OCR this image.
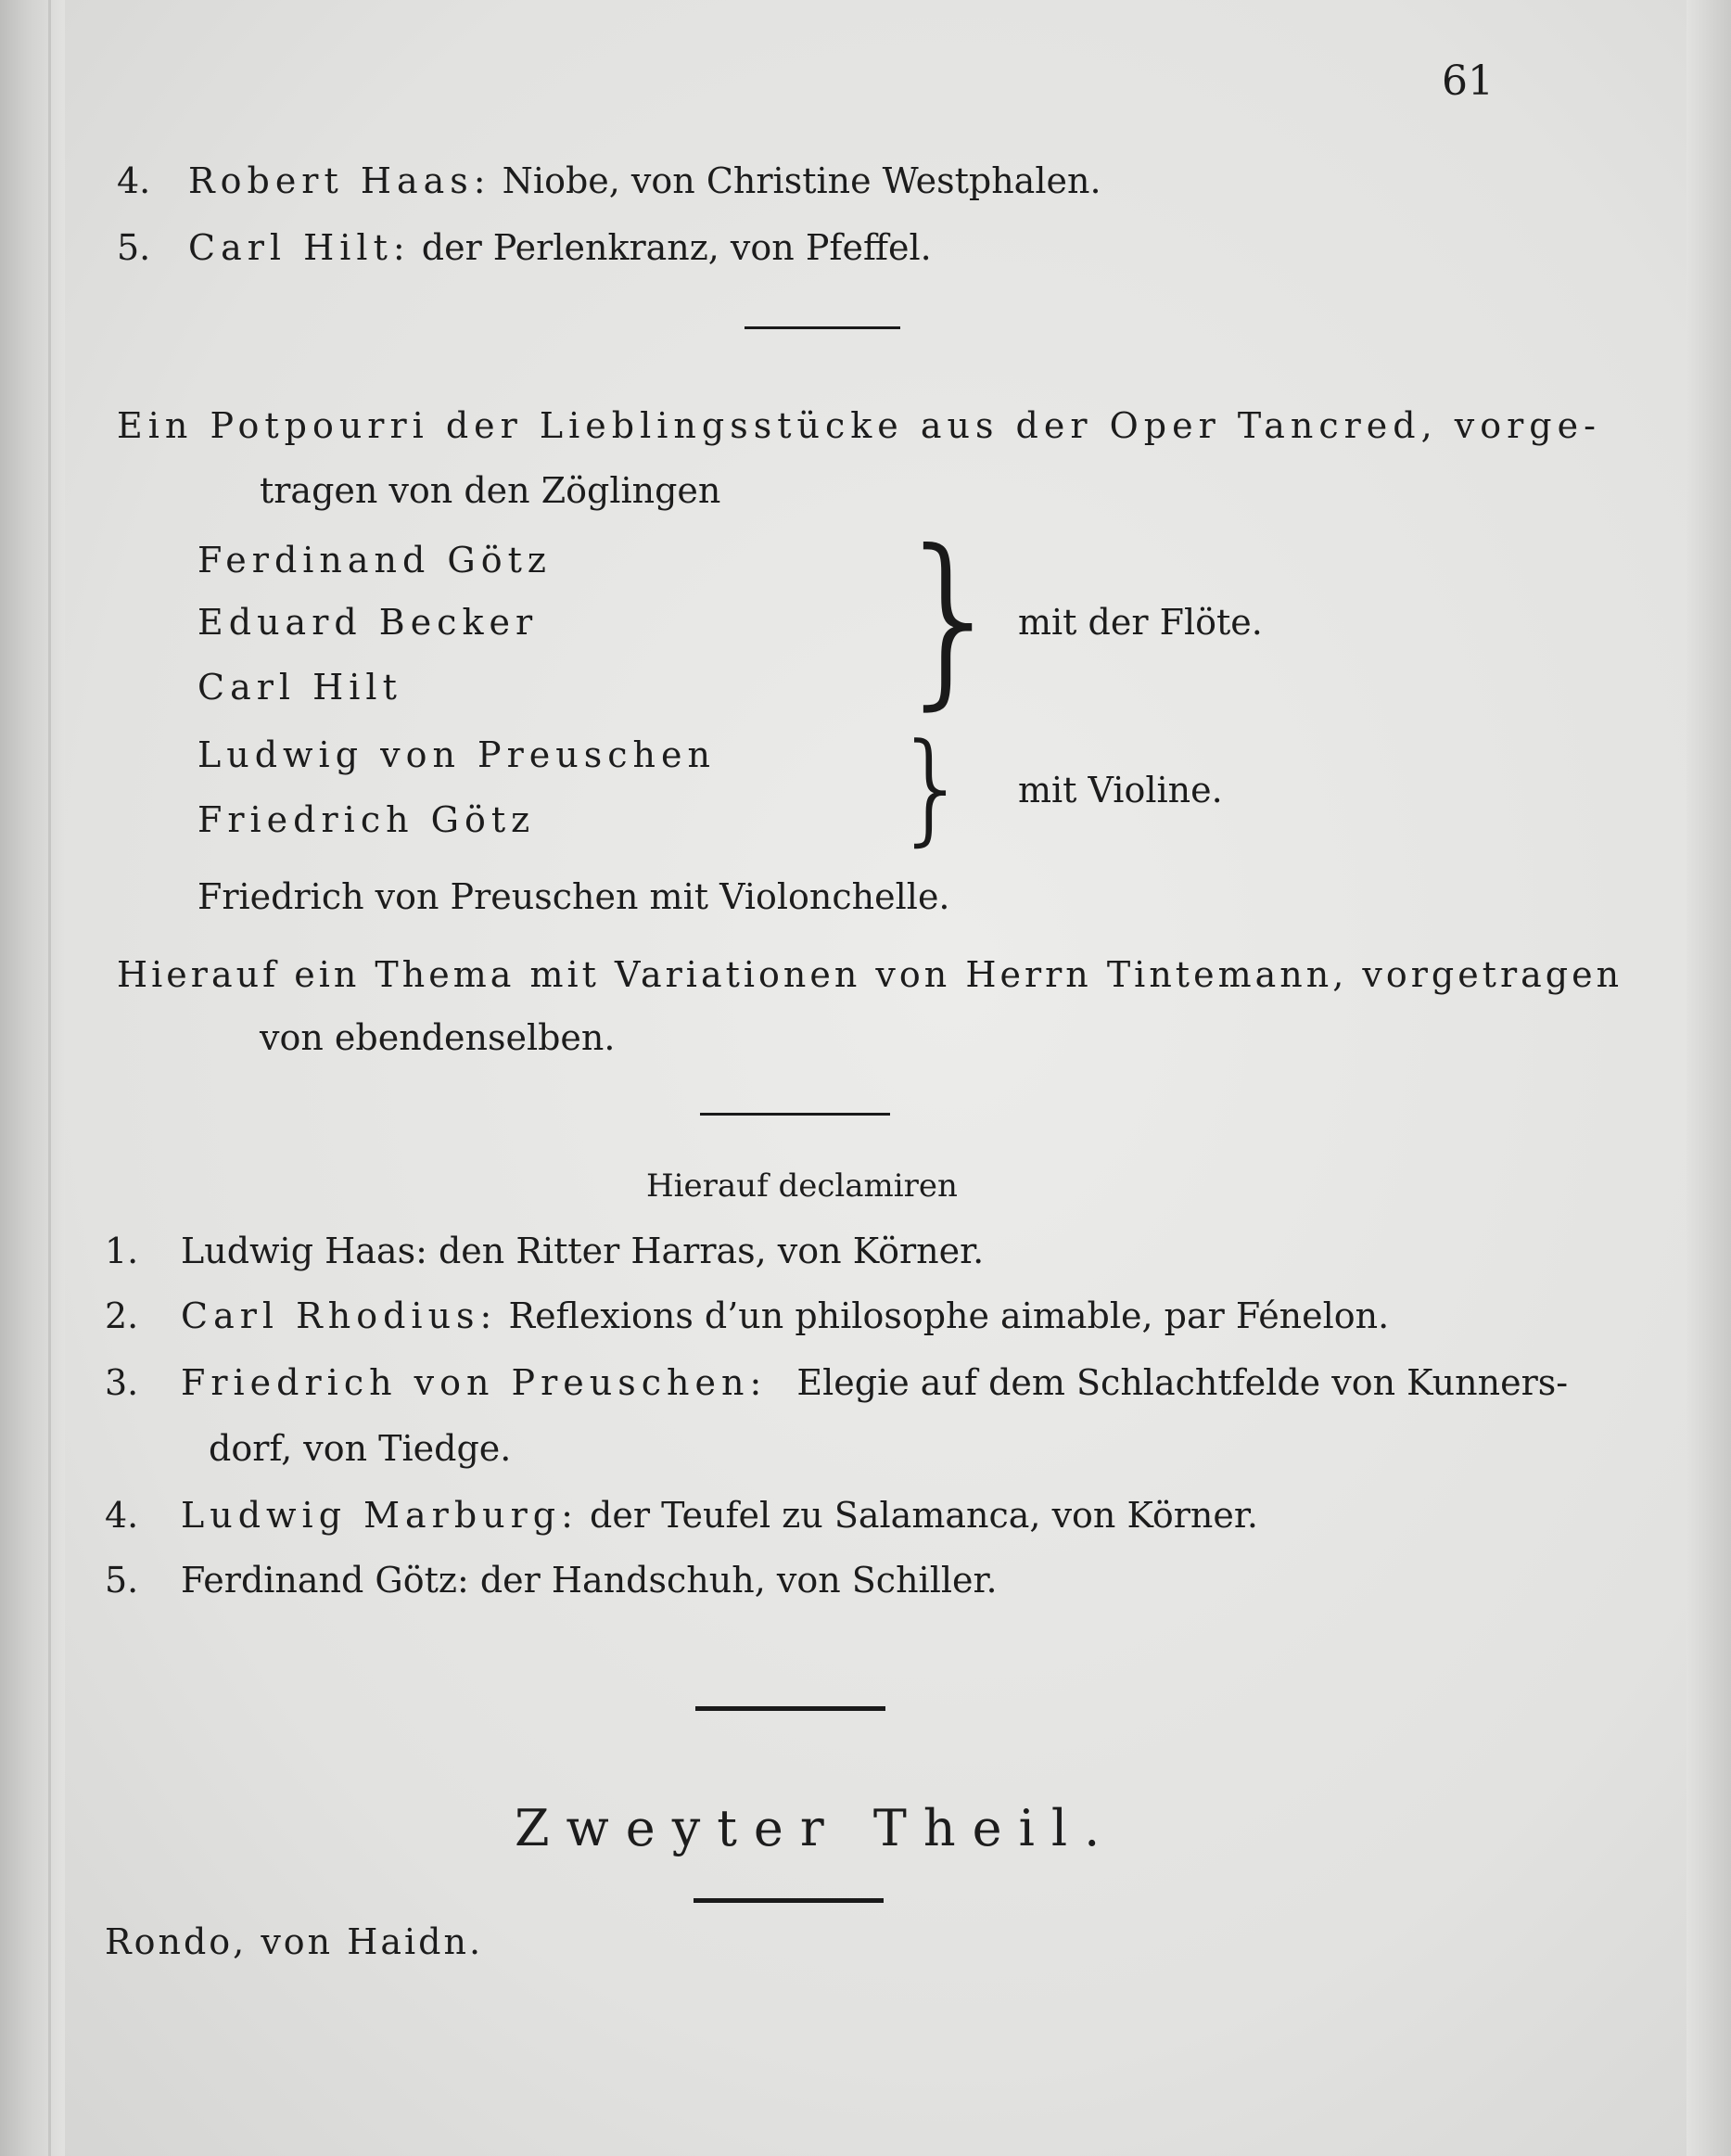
61
4. Robert Haas: Niobe, von Christine Westphalen.
5. Carl Hilt: der Perlenkranz, von Pfeffel.
Ein Potpourri der Lieblingsstücke aus der Oper Tancred, vorge-
tragen von den Zöglingen
Ferdinand Götz
Eduard Becker
Carl Hilt	} mit der Flöte.
Ludwig von Preuschen
Friedrich Götz	} mit Violine.
Friedrich von Preuschen mit Violonchelle.
Hierauf ein Thema mit Variationen von Herrn Tintemann, vorgetragen
von ebendenselben.
Hierauf declamiren
1. Ludwig Haas: den Ritter Harras, von Körner.
2. Carl Rhodius: Reflexions d’un philosophe aimable, par Fénelon.
3. Friedrich von Preuschen: Elegie auf dem Schlachtfelde von Kunners-
dorf, von Tiedge.
4. Ludwig Marburg: der Teufel zu Salamanca, von Körner.
5. Ferdinand Götz: der Handschuh, von Schiller.
Zweyter Theil.
Rondo, von Haidn.
